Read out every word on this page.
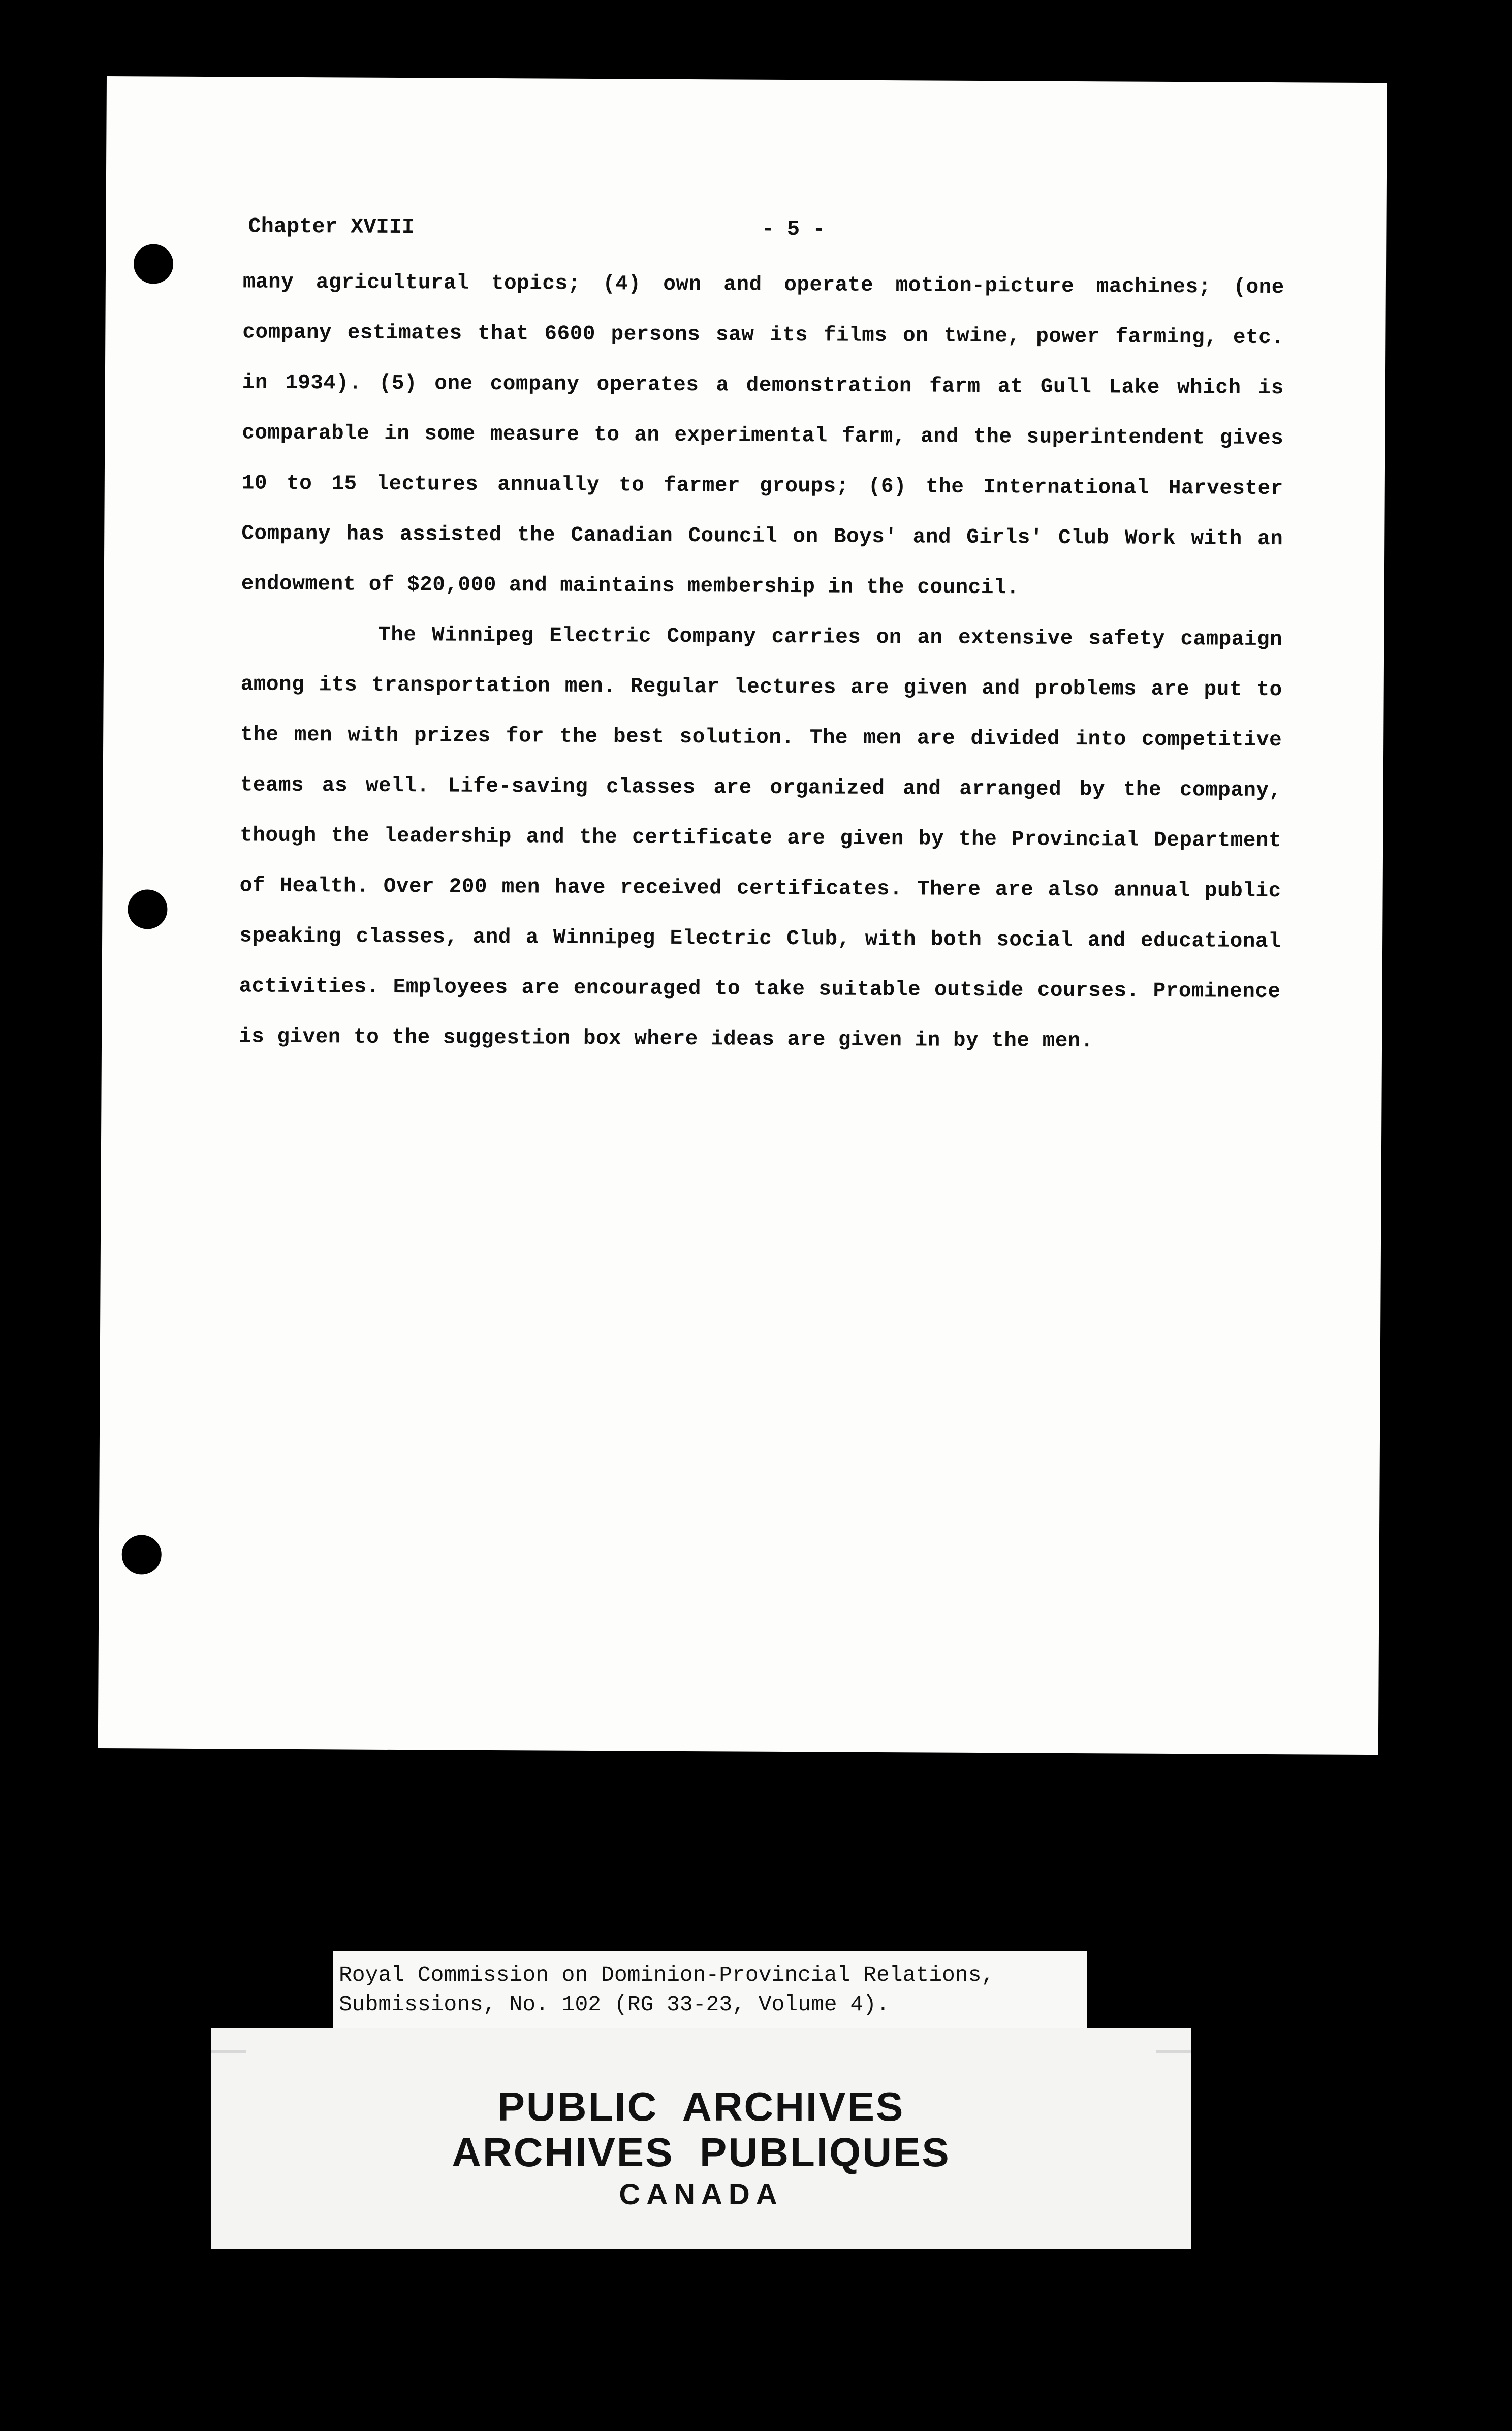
Chapter XVIII	- 5 -

many agricultural topics; (4) own and operate motion-picture machines; (one company estimates that 6600 persons saw its films on twine, power farming, etc. in 1934). (5) one company operates a demonstration farm at Gull Lake which is comparable in some measure to an experimental farm, and the superintendent gives 10 to 15 lectures annually to farmer groups; (6) the International Harvester Company has assisted the Canadian Council on Boys' and Girls' Club Work with an endowment of $20,000 and maintains membership in the council.

The Winnipeg Electric Company carries on an extensive safety campaign among its transportation men. Regular lectures are given and problems are put to the men with prizes for the best solution. The men are divided into competitive teams as well. Life-saving classes are organized and arranged by the company, though the leadership and the certificate are given by the Provincial Department of Health. Over 200 men have received certificates. There are also annual public speaking classes, and a Winnipeg Electric Club, with both social and educational activities. Employees are encouraged to take suitable outside courses. Prominence is given to the suggestion box where ideas are given in by the men.

Royal Commission on Dominion-Provincial Relations,
Submissions, No. 102 (RG 33-23, Volume 4).
PUBLIC  ARCHIVES
ARCHIVES  PUBLIQUES
CANADA
